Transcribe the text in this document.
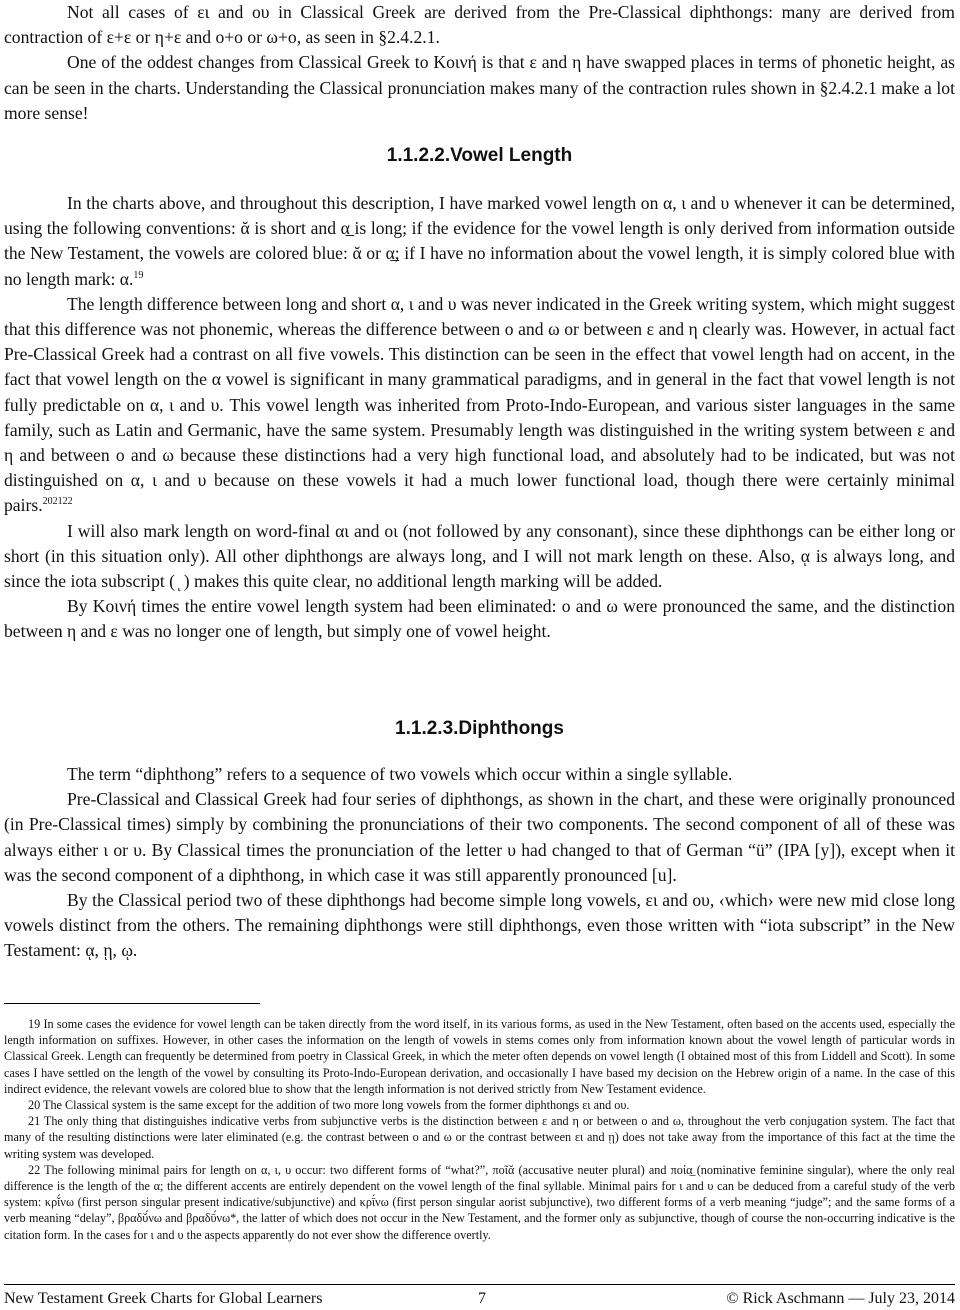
Not all cases of ει and ου in Classical Greek are derived from the Pre-Classical diphthongs: many are derived from contraction of ε+ε or η+ε and ο+ο or ω+ο, as seen in §2.4.2.1.

One of the oddest changes from Classical Greek to Κοινή is that ε and η have swapped places in terms of phonetic height, as can be seen in the charts. Understanding the Classical pronunciation makes many of the contraction rules shown in §2.4.2.1 make a lot more sense!

1.1.2.2.Vowel Length

In the charts above, and throughout this description, I have marked vowel length on α, ι and υ whenever it can be determined, using the following conventions: ᾰ is short and α̲ is long; if the evidence for the vowel length is only derived from information outside the New Testament, the vowels are colored blue: ᾰ or α̲; if I have no information about the vowel length, it is simply colored blue with no length mark: α.$^{19}$

The length difference between long and short α, ι and υ was never indicated in the Greek writing system, which might suggest that this difference was not phonemic, whereas the difference between ο and ω or between ε and η clearly was. However, in actual fact Pre-Classical Greek had a contrast on all five vowels. This distinction can be seen in the effect that vowel length had on accent, in the fact that vowel length on the α vowel is significant in many grammatical paradigms, and in general in the fact that vowel length is not fully predictable on α, ι and υ. This vowel length was inherited from Proto-Indo-European, and various sister languages in the same family, such as Latin and Germanic, have the same system. Presumably length was distinguished in the writing system between ε and η and between ο and ω because these distinctions had a very high functional load, and absolutely had to be indicated, but was not distinguished on α, ι and υ because on these vowels it had a much lower functional load, though there were certainly minimal pairs.$^{202122}$

I will also mark length on word-final αι and οι (not followed by any consonant), since these diphthongs can be either long or short (in this situation only). All other diphthongs are always long, and I will not mark length on these. Also, ᾳ is always long, and since the iota subscript ( ͅ ) makes this quite clear, no additional length marking will be added.

By Κοινή times the entire vowel length system had been eliminated: ο and ω were pronounced the same, and the distinction between η and ε was no longer one of length, but simply one of vowel height.

1.1.2.3.Diphthongs

The term “diphthong” refers to a sequence of two vowels which occur within a single syllable.

Pre-Classical and Classical Greek had four series of diphthongs, as shown in the chart, and these were originally pronounced (in Pre-Classical times) simply by combining the pronunciations of their two components. The second component of all of these was always either ι or υ. By Classical times the pronunciation of the letter υ had changed to that of German “ü” (IPA [y]), except when it was the second component of a diphthong, in which case it was still apparently pronounced [u].

By the Classical period two of these diphthongs had become simple long vowels, ει and ου, ‹which› were new mid close long vowels distinct from the others. The remaining diphthongs were still diphthongs, even those written with “iota subscript” in the New Testament: ᾳ, ῃ, ῳ.

19 In some cases the evidence for vowel length can be taken directly from the word itself, in its various forms, as used in the New Testament, often based on the accents used, especially the length information on suffixes. However, in other cases the information on the length of vowels in stems comes only from information known about the vowel length of particular words in Classical Greek. Length can frequently be determined from poetry in Classical Greek, in which the meter often depends on vowel length (I obtained most of this from Liddell and Scott). In some cases I have settled on the length of the vowel by consulting its Proto-Indo-European derivation, and occasionally I have based my decision on the Hebrew origin of a name. In the case of this indirect evidence, the relevant vowels are colored blue to show that the length information is not derived strictly from New Testament evidence.

20 The Classical system is the same except for the addition of two more long vowels from the former diphthongs ει and ου.

21 The only thing that distinguishes indicative verbs from subjunctive verbs is the distinction between ε and η or between ο and ω, throughout the verb conjugation system. The fact that many of the resulting distinctions were later eliminated (e.g. the contrast between ο and ω or the contrast between ει and ῃ) does not take away from the importance of this fact at the time the writing system was developed.

22 The following minimal pairs for length on α, ι, υ occur: two different forms of “what?”, ποῖᾰ (accusative neuter plural) and ποία̲ (nominative feminine singular), where the only real difference is the length of the α; the different accents are entirely dependent on the vowel length of the final syllable. Minimal pairs for ι and υ can be deduced from a careful study of the verb system: κρῐ́νω (first person singular present indicative/subjunctive) and κρῑ́νω (first person singular aorist subjunctive), two different forms of a verb meaning “judge”; and the same forms of a verb meaning “delay”, βραδῠ́νω and βραδῡ́νω*, the latter of which does not occur in the New Testament, and the former only as subjunctive, though of course the non-occurring indicative is the citation form. In the cases for ι and υ the aspects apparently do not ever show the difference overtly.

New Testament Greek Charts for Global Learners	7	© Rick Aschmann — July 23, 2014
